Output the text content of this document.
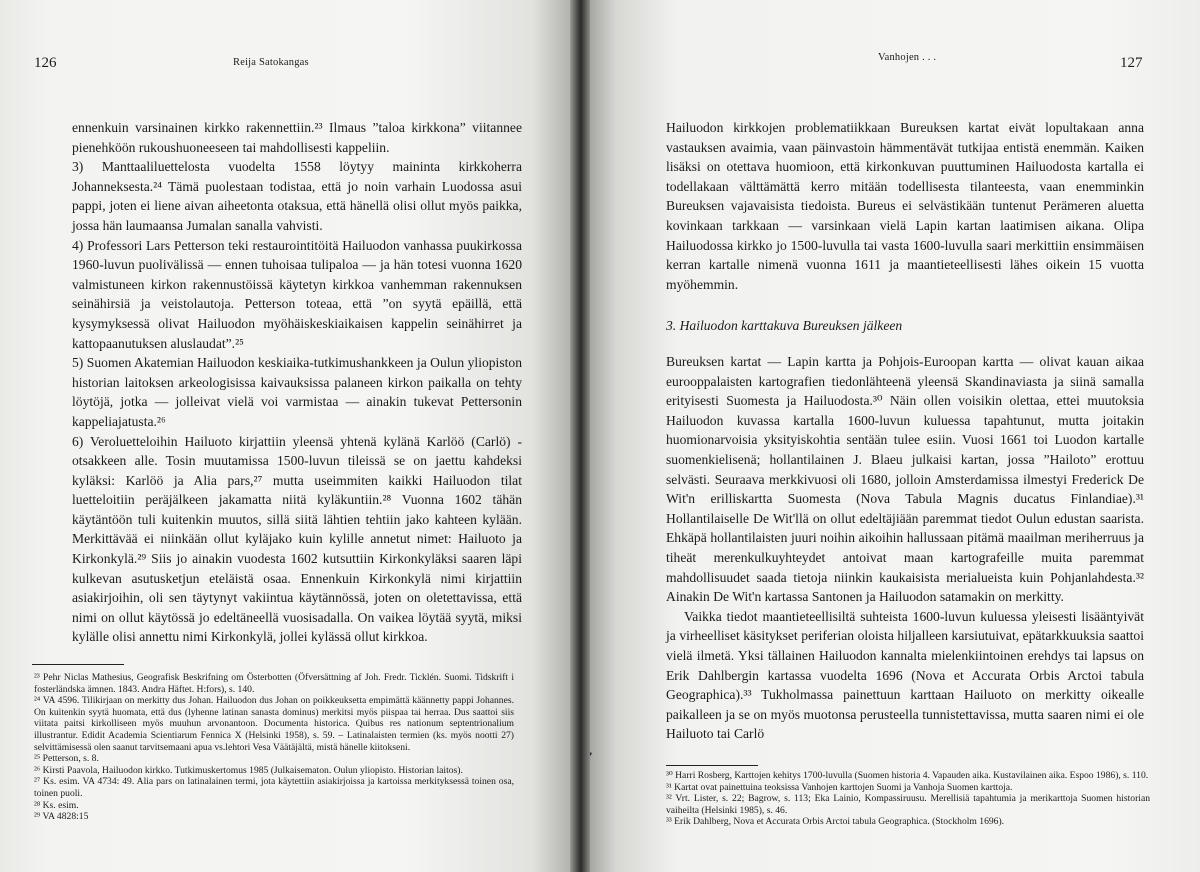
126	Reija Satokangas

ennenkuin varsinainen kirkko rakennettiin.²³ Ilmaus ”taloa kirkkona” viitannee pienehköön rukoushuoneeseen tai mahdollisesti kappeliin.

3) Manttaaliluettelosta vuodelta 1558 löytyy maininta kirkkoherra Johanneksesta.²⁴ Tämä puolestaan todistaa, että jo noin varhain Luodossa asui pappi, joten ei liene aivan aiheetonta otaksua, että hänellä olisi ollut myös paikka, jossa hän laumaansa Jumalan sanalla vahvisti.

4) Professori Lars Petterson teki restaurointitöitä Hailuodon vanhassa puukirkossa 1960-luvun puolivälissä — ennen tuhoisaa tulipaloa — ja hän totesi vuonna 1620 valmistuneen kirkon rakennustöissä käytetyn kirkkoa vanhemman rakennuksen seinähirsiä ja veistolautoja. Petterson toteaa, että ”on syytä epäillä, että kysymyksessä olivat Hailuodon myöhäiskeskiaikaisen kappelin seinähirret ja kattopaanutuksen aluslaudat”.²⁵

5) Suomen Akatemian Hailuodon keskiaika-tutkimushankkeen ja Oulun yliopiston historian laitoksen arkeologisissa kaivauksissa palaneen kirkon paikalla on tehty löytöjä, jotka — jolleivat vielä voi varmistaa — ainakin tukevat Pettersonin kappeliajatusta.²⁶

6) Veroluetteloihin Hailuoto kirjattiin yleensä yhtenä kylänä Karlöö (Carlö) -otsakkeen alle. Tosin muutamissa 1500-luvun tileissä se on jaettu kahdeksi kyläksi: Karlöö ja Alia pars,²⁷ mutta useimmiten kaikki Hailuodon tilat luetteloitiin peräjälkeen jakamatta niitä kyläkuntiin.²⁸ Vuonna 1602 tähän käytäntöön tuli kuitenkin muutos, sillä siitä lähtien tehtiin jako kahteen kylään. Merkittävää ei niinkään ollut kyläjako kuin kylille annetut nimet: Hailuoto ja Kirkonkylä.²⁹ Siis jo ainakin vuodesta 1602 kutsuttiin Kirkonkyläksi saaren läpi kulkevan asutusketjun eteläistä osaa. Ennenkuin Kirkonkylä nimi kirjattiin asiakirjoihin, oli sen täytynyt vakiintua käytännössä, joten on oletettavissa, että nimi on ollut käytössä jo edeltäneellä vuosisadalla. On vaikea löytää syytä, miksi kylälle olisi annettu nimi Kirkonkylä, jollei kylässä ollut kirkkoa.

²³ Pehr Niclas Mathesius, Geografisk Beskrifning om Österbotten (Öfversättning af Joh. Fredr. Ticklén. Suomi. Tidskrift i fosterländska ämnen. 1843. Andra Häftet. H:fors), s. 140.

²⁴ VA 4596. Tilikirjaan on merkitty dus Johan. Hailuodon dus Johan on poikkeuksetta empimättä käännetty pappi Johannes. On kuitenkin syytä huomata, että dus (lyhenne latinan sanasta dominus) merkitsi myös piispaa tai herraa. Dus saattoi siis viitata paitsi kirkolliseen myös muuhun arvonantoon. Documenta historica. Quibus res nationum septentrionalium illustrantur. Edidit Academia Scientiarum Fennica X (Helsinki 1958), s. 59. – Latinalaisten termien (ks. myös nootti 27) selvittämisessä olen saanut tarvitsemaani apua vs.lehtori Vesa Väätäjältä, mistä hänelle kiitokseni.

²⁵ Petterson, s. 8.

²⁶ Kirsti Paavola, Hailuodon kirkko. Tutkimuskertomus 1985 (Julkaisematon. Oulun yliopisto. Historian laitos).

²⁷ Ks. esim. VA 4734: 49. Alia pars on latinalainen termi, jota käytettiin asiakirjoissa ja kartoissa merkityksessä toinen osa, toinen puoli.

²⁸ Ks. esim.

²⁹ VA 4828:15

Vanhojen . . .	127

Hailuodon kirkkojen problematiikkaan Bureuksen kartat eivät lopultakaan anna vastauksen avaimia, vaan päinvastoin hämmentävät tutkijaa entistä enemmän. Kaiken lisäksi on otettava huomioon, että kirkonkuvan puuttuminen Hailuodosta kartalla ei todellakaan välttämättä kerro mitään todellisesta tilanteesta, vaan enemminkin Bureuksen vajavaisista tiedoista. Bureus ei selvästikään tuntenut Perämeren aluetta kovinkaan tarkkaan — varsinkaan vielä Lapin kartan laatimisen aikana. Olipa Hailuodossa kirkko jo 1500-luvulla tai vasta 1600-luvulla saari merkittiin ensimmäisen kerran kartalle nimenä vuonna 1611 ja maantieteellisesti lähes oikein 15 vuotta myöhemmin.

3. Hailuodon karttakuva Bureuksen jälkeen

Bureuksen kartat — Lapin kartta ja Pohjois-Euroopan kartta — olivat kauan aikaa eurooppalaisten kartografien tiedonlähteenä yleensä Skandinaviasta ja siinä samalla erityisesti Suomesta ja Hailuodosta.³⁰ Näin ollen voisikin olettaa, ettei muutoksia Hailuodon kuvassa kartalla 1600-luvun kuluessa tapahtunut, mutta joitakin huomionarvoisia yksityiskohtia sentään tulee esiin. Vuosi 1661 toi Luodon kartalle suomenkielisenä; hollantilainen J. Blaeu julkaisi kartan, jossa ”Hailoto” erottuu selvästi. Seuraava merkkivuosi oli 1680, jolloin Amsterdamissa ilmestyi Frederick De Wit'n erilliskartta Suomesta (Nova Tabula Magnis ducatus Finlandiae).³¹ Hollantilaiselle De Wit'llä on ollut edeltäjiään paremmat tiedot Oulun edustan saaristа. Ehkäpä hollantilaisten juuri noihin aikoihin hallussaan pitämä maailman meriherruus ja tiheät merenkulkuyhteydet antoivat maan kartografeille muita paremmat mahdollisuudet saada tietoja niinkin kaukaisista merialueista kuin Pohjanlahdesta.³² Ainakin De Wit'n kartassa Santonen ja Hailuodon satamakin on merkitty.

Vaikka tiedot maantieteellisiltä suhteista 1600-luvun kuluessa yleisesti lisääntyivät ja virheelliset käsitykset periferian oloista hiljalleen karsiutuivat, epätarkkuuksia saattoi vielä ilmetä. Yksi tällainen Hailuodon kannalta mielenkiintoinen erehdys tai lapsus on Erik Dahlbergin kartassa vuodelta 1696 (Nova et Accurata Orbis Arctoi tabula Geographica).³³ Tukholmassa painettuun karttaan Hailuoto on merkitty oikealle paikalleen ja se on myös muotonsa perusteella tunnistettavissa, mutta saaren nimi ei ole Hailuoto tai Carlö

³⁰ Harri Rosberg, Karttojen kehitys 1700-luvulla (Suomen historia 4. Vapauden aika. Kustavilainen aika. Espoo 1986), s. 110.

³¹ Kartat ovat painettuina teoksissa Vanhojen karttojen Suomi ja Vanhoja Suomen karttoja.

³² Vrt. Lister, s. 22; Bagrow, s. 113; Eka Lainio, Kompassiruusu. Merellisiä tapahtumia ja merikarttoja Suomen historian vaiheilta (Helsinki 1985), s. 46.

³³ Erik Dahlberg, Nova et Accurata Orbis Arctoi tabula Geographica. (Stockholm 1696).
